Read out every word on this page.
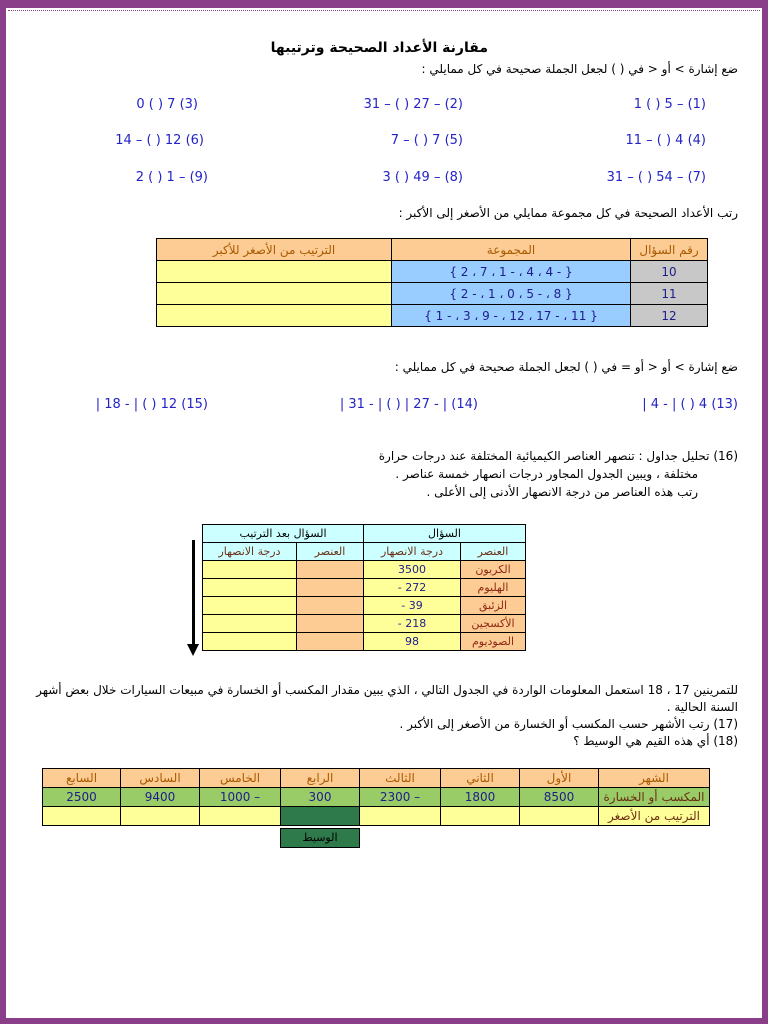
مقارنة الأعداد الصحيحة وترتيبها
ضع إشارة > أو < في ( ) لجعل الجملة صحيحة في كل ممايلي :
1 ( ) 5 – (1)
31 – ( ) 27 – (2)
0 ( ) 7 (3)
11 – ( ) 4 (4)
7 – ( ) 7 (5)
14 – ( ) 12 (6)
31 – ( ) 54 – (7)
3 ( ) 49 – (8)
2 ( ) 1 – (9)
رتب الأعداد الصحيحة في كل مجموعة ممايلي من الأصغر إلى الأكبر :
رقم السؤال	المجموعة	الترتيب من الأصغر للأكبر
10	{ 2 ، 7 ، 1 - ، 4 ، 4 - }	
11	{ 2 - ، 1 ، 0 ، 5 - ، 8 }	
12	{ 1 - ، 3 ، 9 - ، 12 ، 17 - ، 11 }	
ضع إشارة > أو < أو = في ( ) لجعل الجملة صحيحة في كل ممايلي :
| 4 - | ( ) 4 (13)
| 31 - | ( ) | 27 - | (14)
| 18 - | ( ) 12 (15)
(16) تحليل جداول : تنصهر العناصر الكيميائية المختلفة عند درجات حرارة
مختلفة ، ويبين الجدول المجاور درجات انصهار خمسة عناصر .
رتب هذه العناصر من درجة الانصهار الأدنى إلى الأعلى .
السؤال		السؤال بعد الترتيب	
العنصر	درجة الانصهار	العنصر	درجة الانصهار
الكربون	3500		
الهليوم	272 -		
الزئبق	39 -		
الأكسجين	218 -		
الصوديوم	98		
للتمرينين 17 ، 18 استعمل المعلومات الواردة في الجدول التالي ، الذي يبين مقدار المكسب أو الخسارة في مبيعات السيارات خلال بعض أشهر
السنة الحالية .
(17) رتب الأشهر حسب المكسب أو الخسارة من الأصغر إلى الأكبر .
(18) أي هذه القيم هي الوسيط ؟
الشهر	الأول	الثاني	الثالث	الرابع	الخامس	السادس	السابع
المكسب أو الخسارة	8500	1800	– 2300	300	– 1000	9400	2500
الترتيب من الأصغر							
الوسيط
